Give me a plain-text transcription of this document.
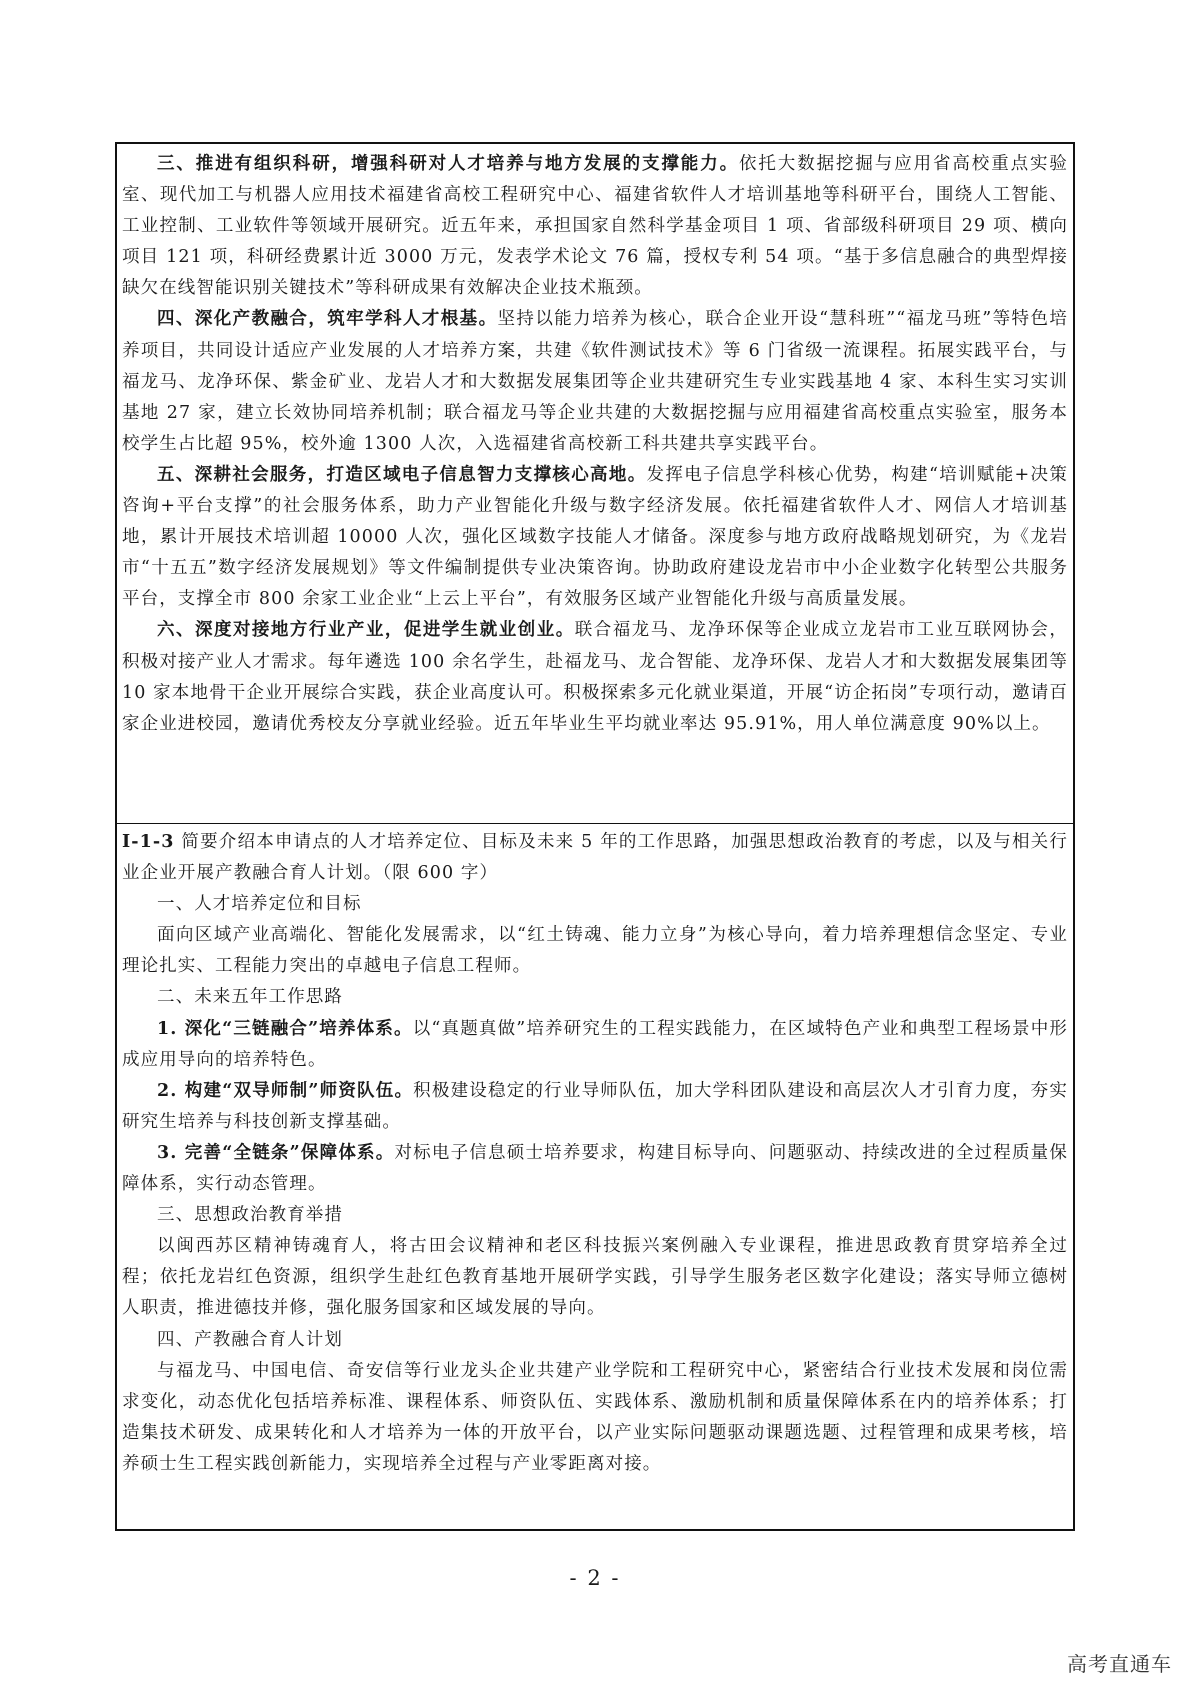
三、推进有组织科研，增强科研对人才培养与地方发展的支撑能力。依托大数据挖掘与应用省高校重点实验室、现代加工与机器人应用技术福建省高校工程研究中心、福建省软件人才培训基地等科研平台，围绕人工智能、工业控制、工业软件等领域开展研究。近五年来，承担国家自然科学基金项目 1 项、省部级科研项目 29 项、横向项目 121 项，科研经费累计近 3000 万元，发表学术论文 76 篇，授权专利 54 项。“基于多信息融合的典型焊接缺欠在线智能识别关键技术”等科研成果有效解决企业技术瓶颈。

四、深化产教融合，筑牢学科人才根基。坚持以能力培养为核心，联合企业开设“慧科班”“福龙马班”等特色培养项目，共同设计适应产业发展的人才培养方案，共建《软件测试技术》等 6 门省级一流课程。拓展实践平台，与福龙马、龙净环保、紫金矿业、龙岩人才和大数据发展集团等企业共建研究生专业实践基地 4 家、本科生实习实训基地 27 家，建立长效协同培养机制；联合福龙马等企业共建的大数据挖掘与应用福建省高校重点实验室，服务本校学生占比超 95%，校外逾 1300 人次，入选福建省高校新工科共建共享实践平台。

五、深耕社会服务，打造区域电子信息智力支撑核心高地。发挥电子信息学科核心优势，构建“培训赋能+决策咨询+平台支撑”的社会服务体系，助力产业智能化升级与数字经济发展。依托福建省软件人才、网信人才培训基地，累计开展技术培训超 10000 人次，强化区域数字技能人才储备。深度参与地方政府战略规划研究，为《龙岩市“十五五”数字经济发展规划》等文件编制提供专业决策咨询。协助政府建设龙岩市中小企业数字化转型公共服务平台，支撑全市 800 余家工业企业“上云上平台”，有效服务区域产业智能化升级与高质量发展。

六、深度对接地方行业产业，促进学生就业创业。联合福龙马、龙净环保等企业成立龙岩市工业互联网协会，积极对接产业人才需求。每年遴选 100 余名学生，赴福龙马、龙合智能、龙净环保、龙岩人才和大数据发展集团等 10 家本地骨干企业开展综合实践，获企业高度认可。积极探索多元化就业渠道，开展“访企拓岗”专项行动，邀请百家企业进校园，邀请优秀校友分享就业经验。近五年毕业生平均就业率达 95.91%，用人单位满意度 90%以上。

I-1-3 简要介绍本申请点的人才培养定位、目标及未来 5 年的工作思路，加强思想政治教育的考虑，以及与相关行业企业开展产教融合育人计划。（限 600 字）

一、人才培养定位和目标

面向区域产业高端化、智能化发展需求，以“红土铸魂、能力立身”为核心导向，着力培养理想信念坚定、专业理论扎实、工程能力突出的卓越电子信息工程师。

二、未来五年工作思路

1. 深化“三链融合”培养体系。以“真题真做”培养研究生的工程实践能力，在区域特色产业和典型工程场景中形成应用导向的培养特色。

2. 构建“双导师制”师资队伍。积极建设稳定的行业导师队伍，加大学科团队建设和高层次人才引育力度，夯实研究生培养与科技创新支撑基础。

3. 完善“全链条”保障体系。对标电子信息硕士培养要求，构建目标导向、问题驱动、持续改进的全过程质量保障体系，实行动态管理。

三、思想政治教育举措

以闽西苏区精神铸魂育人，将古田会议精神和老区科技振兴案例融入专业课程，推进思政教育贯穿培养全过程；依托龙岩红色资源，组织学生赴红色教育基地开展研学实践，引导学生服务老区数字化建设；落实导师立德树人职责，推进德技并修，强化服务国家和区域发展的导向。

四、产教融合育人计划

与福龙马、中国电信、奇安信等行业龙头企业共建产业学院和工程研究中心，紧密结合行业技术发展和岗位需求变化，动态优化包括培养标准、课程体系、师资队伍、实践体系、激励机制和质量保障体系在内的培养体系；打造集技术研发、成果转化和人才培养为一体的开放平台，以产业实际问题驱动课题选题、过程管理和成果考核，培养硕士生工程实践创新能力，实现培养全过程与产业零距离对接。

- 2 -
高考直通车
